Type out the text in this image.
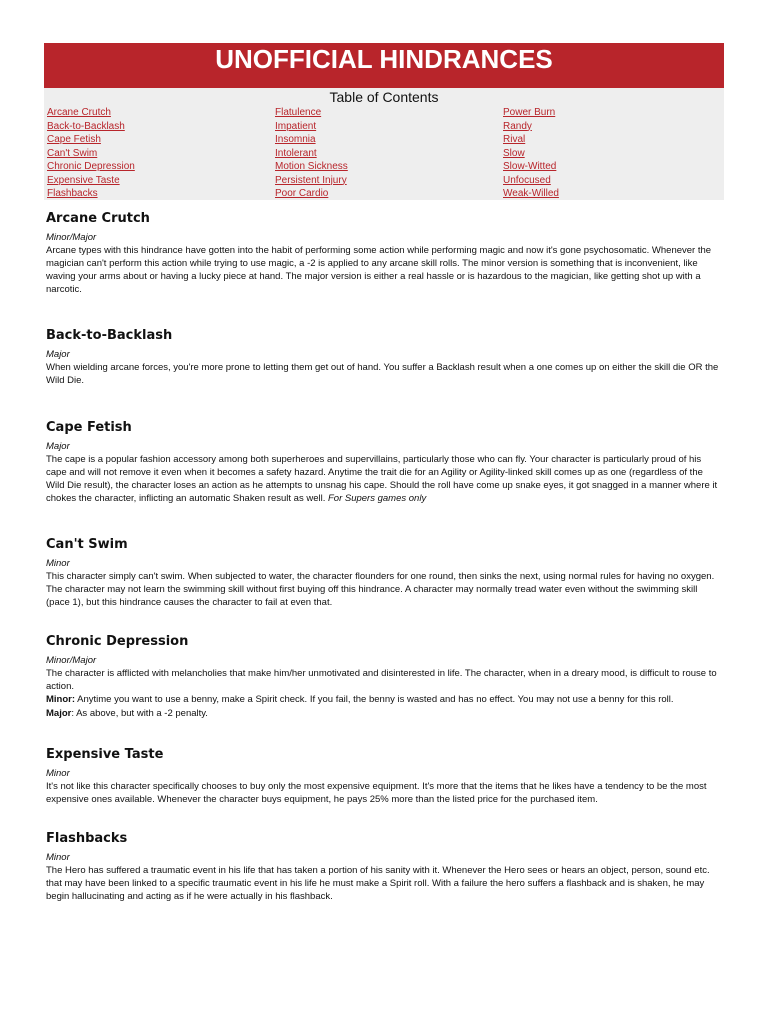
UNOFFICIAL HINDRANCES
Table of Contents
Arcane Crutch
Back-to-Backlash
Cape Fetish
Can't Swim
Chronic Depression
Expensive Taste
Flashbacks
Flatulence
Impatient
Insomnia
Intolerant
Motion Sickness
Persistent Injury
Poor Cardio
Power Burn
Randy
Rival
Slow
Slow-Witted
Unfocused
Weak-Willed
Arcane Crutch
Minor/Major

Arcane types with this hindrance have gotten into the habit of performing some action while performing magic and now it's gone psychosomatic. Whenever the magician can't perform this action while trying to use magic, a -2 is applied to any arcane skill rolls. The minor version is something that is inconvenient, like waving your arms about or having a lucky piece at hand. The major version is either a real hassle or is hazardous to the magician, like getting shot up with a narcotic.

Back-to-Backlash
Major

When wielding arcane forces, you're more prone to letting them get out of hand. You suffer a Backlash result when a one comes up on either the skill die OR the Wild Die.

Cape Fetish
Major

The cape is a popular fashion accessory among both superheroes and supervillains, particularly those who can fly. Your character is particularly proud of his cape and will not remove it even when it becomes a safety hazard. Anytime the trait die for an Agility or Agility-linked skill comes up as one (regardless of the Wild Die result), the character loses an action as he attempts to unsnag his cape. Should the roll have come up snake eyes, it got snagged in a manner where it chokes the character, inflicting an automatic Shaken result as well. For Supers games only

Can't Swim
Minor

This character simply can't swim. When subjected to water, the character flounders for one round, then sinks the next, using normal rules for having no oxygen. The character may not learn the swimming skill without first buying off this hindrance. A character may normally tread water even without the swimming skill (pace 1), but this hindrance causes the character to fail at even that.

Chronic Depression
Minor/Major

The character is afflicted with melancholies that make him/her unmotivated and disinterested in life. The character, when in a dreary mood, is difficult to rouse to action.

Minor: Anytime you want to use a benny, make a Spirit check. If you fail, the benny is wasted and has no effect. You may not use a benny for this roll.

Major: As above, but with a -2 penalty.

Expensive Taste
Minor

It's not like this character specifically chooses to buy only the most expensive equipment. It's more that the items that he likes have a tendency to be the most expensive ones available. Whenever the character buys equipment, he pays 25% more than the listed price for the purchased item.

Flashbacks
Minor

The Hero has suffered a traumatic event in his life that has taken a portion of his sanity with it. Whenever the Hero sees or hears an object, person, sound etc. that may have been linked to a specific traumatic event in his life he must make a Spirit roll. With a failure the hero suffers a flashback and is shaken, he may begin hallucinating and acting as if he were actually in his flashback.
